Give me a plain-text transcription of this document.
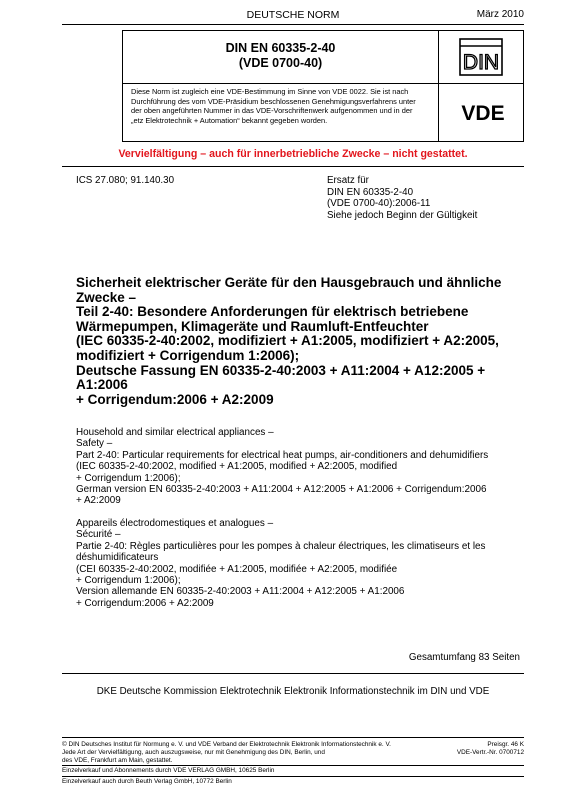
DEUTSCHE NORM	März 2010
DIN EN 60335-2-40
(VDE 0700-40)
Diese Norm ist zugleich eine VDE-Bestimmung im Sinne von VDE 0022. Sie ist nach
Durchführung des vom VDE-Präsidium beschlossenen Genehmigungsverfahrens unter
der oben angeführten Nummer in das VDE-Vorschriftenwerk aufgenommen und in der
„etz Elektrotechnik + Automation“ bekannt gegeben worden.
DIN
VDE
Vervielfältigung – auch für innerbetriebliche Zwecke – nicht gestattet.
ICS 27.080; 91.140.30	Ersatz für
DIN EN 60335-2-40
(VDE 0700-40):2006-11
Siehe jedoch Beginn der Gültigkeit
Sicherheit elektrischer Geräte für den Hausgebrauch und ähnliche
Zwecke –
Teil 2-40: Besondere Anforderungen für elektrisch betriebene
Wärmepumpen, Klimageräte und Raumluft-Entfeuchter
(IEC 60335-2-40:2002, modifiziert + A1:2005, modifiziert + A2:2005,
modifiziert + Corrigendum 1:2006);
Deutsche Fassung EN 60335-2-40:2003 + A11:2004 + A12:2005 + A1:2006
+ Corrigendum:2006 + A2:2009
Household and similar electrical appliances –
Safety –
Part 2-40: Particular requirements for electrical heat pumps, air-conditioners and dehumidifiers
(IEC 60335-2-40:2002, modified + A1:2005, modified + A2:2005, modified
+ Corrigendum 1:2006);
German version EN 60335-2-40:2003 + A11:2004 + A12:2005 + A1:2006 + Corrigendum:2006
+ A2:2009
Appareils électrodomestiques et analogues –
Sécurité –
Partie 2-40: Règles particulières pour les pompes à chaleur électriques, les climatiseurs et les
déshumidificateurs
(CEI 60335-2-40:2002, modifiée + A1:2005, modifiée + A2:2005, modifiée
+ Corrigendum 1:2006);
Version allemande EN 60335-2-40:2003 + A11:2004 + A12:2005 + A1:2006
+ Corrigendum:2006 + A2:2009
Gesamtumfang 83 Seiten
DKE Deutsche Kommission Elektrotechnik Elektronik Informationstechnik im DIN und VDE
© DIN Deutsches Institut für Normung e. V. und VDE Verband der Elektrotechnik Elektronik Informationstechnik e. V.
Jede Art der Vervielfältigung, auch auszugsweise, nur mit Genehmigung des DIN, Berlin, und
des VDE, Frankfurt am Main, gestattet.
Preisgr. 46 K
VDE-Vertr.-Nr. 0700712
Einzelverkauf und Abonnements durch VDE VERLAG GMBH, 10625 Berlin
Einzelverkauf auch durch Beuth Verlag GmbH, 10772 Berlin
